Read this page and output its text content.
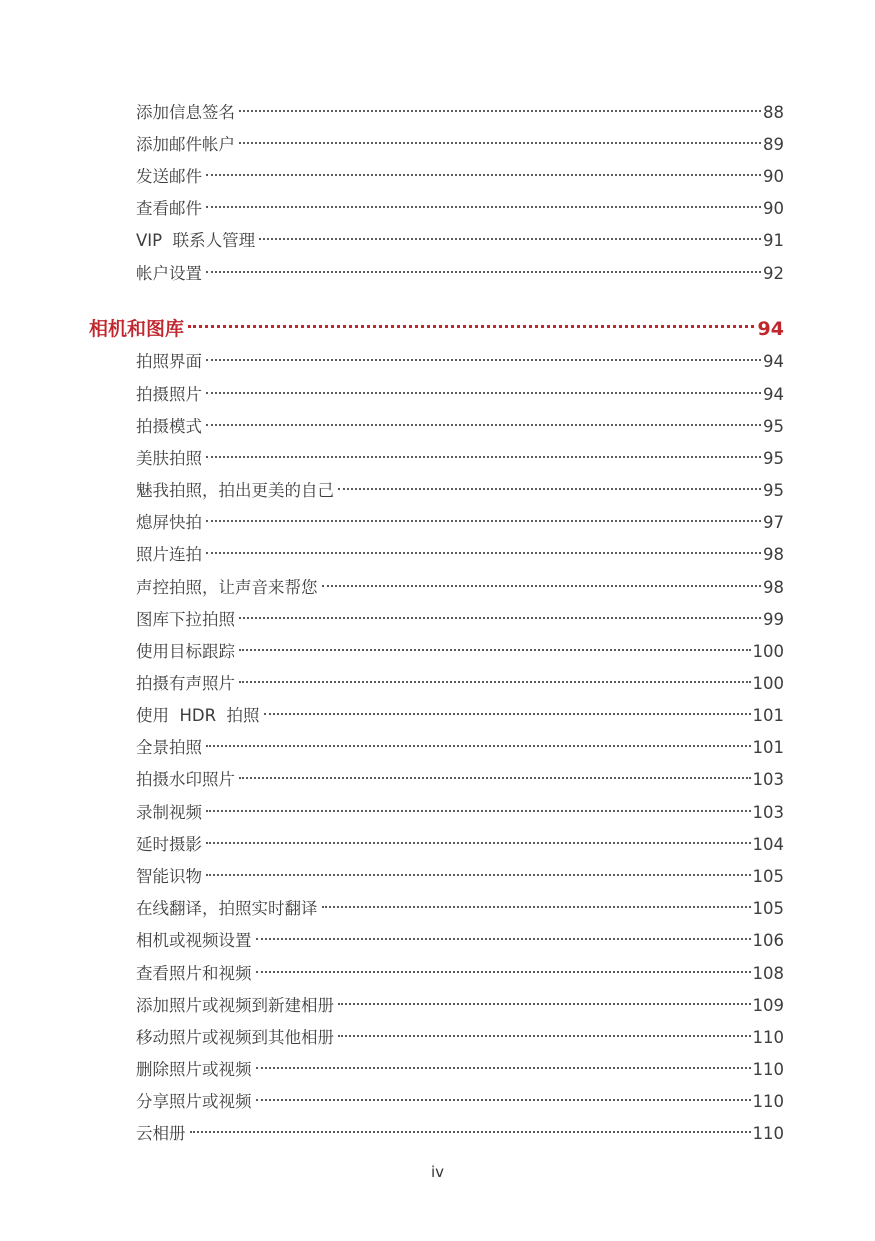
添加信息签名	88
添加邮件帐户	89
发送邮件	90
查看邮件	90
VIP  联系人管理	91
帐户设置	92
相机和图库	94
拍照界面	94
拍摄照片	94
拍摄模式	95
美肤拍照	95
魅我拍照，拍出更美的自己	95
熄屏快拍	97
照片连拍	98
声控拍照，让声音来帮您	98
图库下拉拍照	99
使用目标跟踪	100
拍摄有声照片	100
使用  HDR  拍照	101
全景拍照	101
拍摄水印照片	103
录制视频	103
延时摄影	104
智能识物	105
在线翻译，拍照实时翻译	105
相机或视频设置	106
查看照片和视频	108
添加照片或视频到新建相册	109
移动照片或视频到其他相册	110
删除照片或视频	110
分享照片或视频	110
云相册	110
iv
